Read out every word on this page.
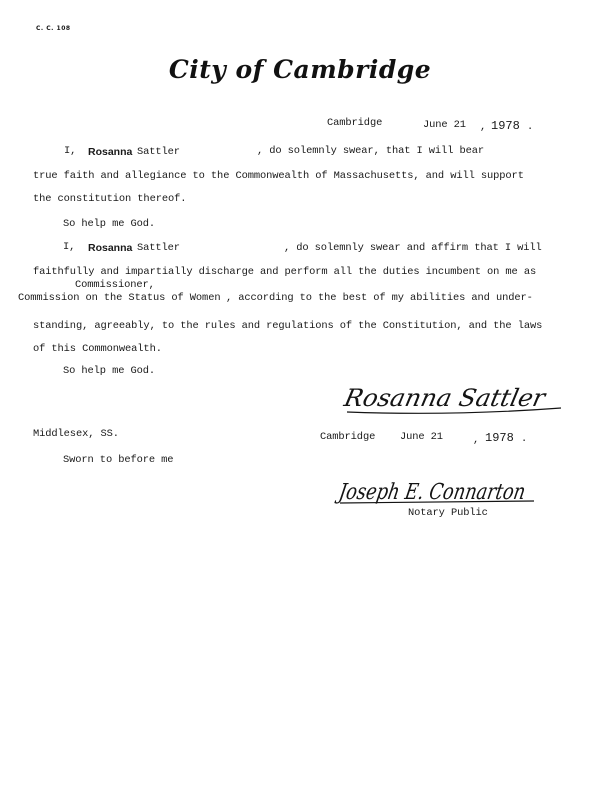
C. C. 108
City of Cambridge
Cambridge	June 21 , 1978 .
I, Rosanna Sattler	, do solemnly swear, that I will bear
true faith and allegiance to the Commonwealth of Massachusetts, and will support
the constitution thereof.
So help me God.
I, Rosanna Sattler	, do solemnly swear and affirm that I will
faithfully and impartially discharge and perform all the duties incumbent on me as
Commissioner,
Commission on the Status of Women , according to the best of my abilities and under-
standing, agreeably, to the rules and regulations of the Constitution, and the laws
of this Commonwealth.
So help me God.
Rosanna Sattler
Middlesex, SS.	Cambridge June 21	, 1978 .
Sworn to before me
Joseph E. Connarton
Notary Public
